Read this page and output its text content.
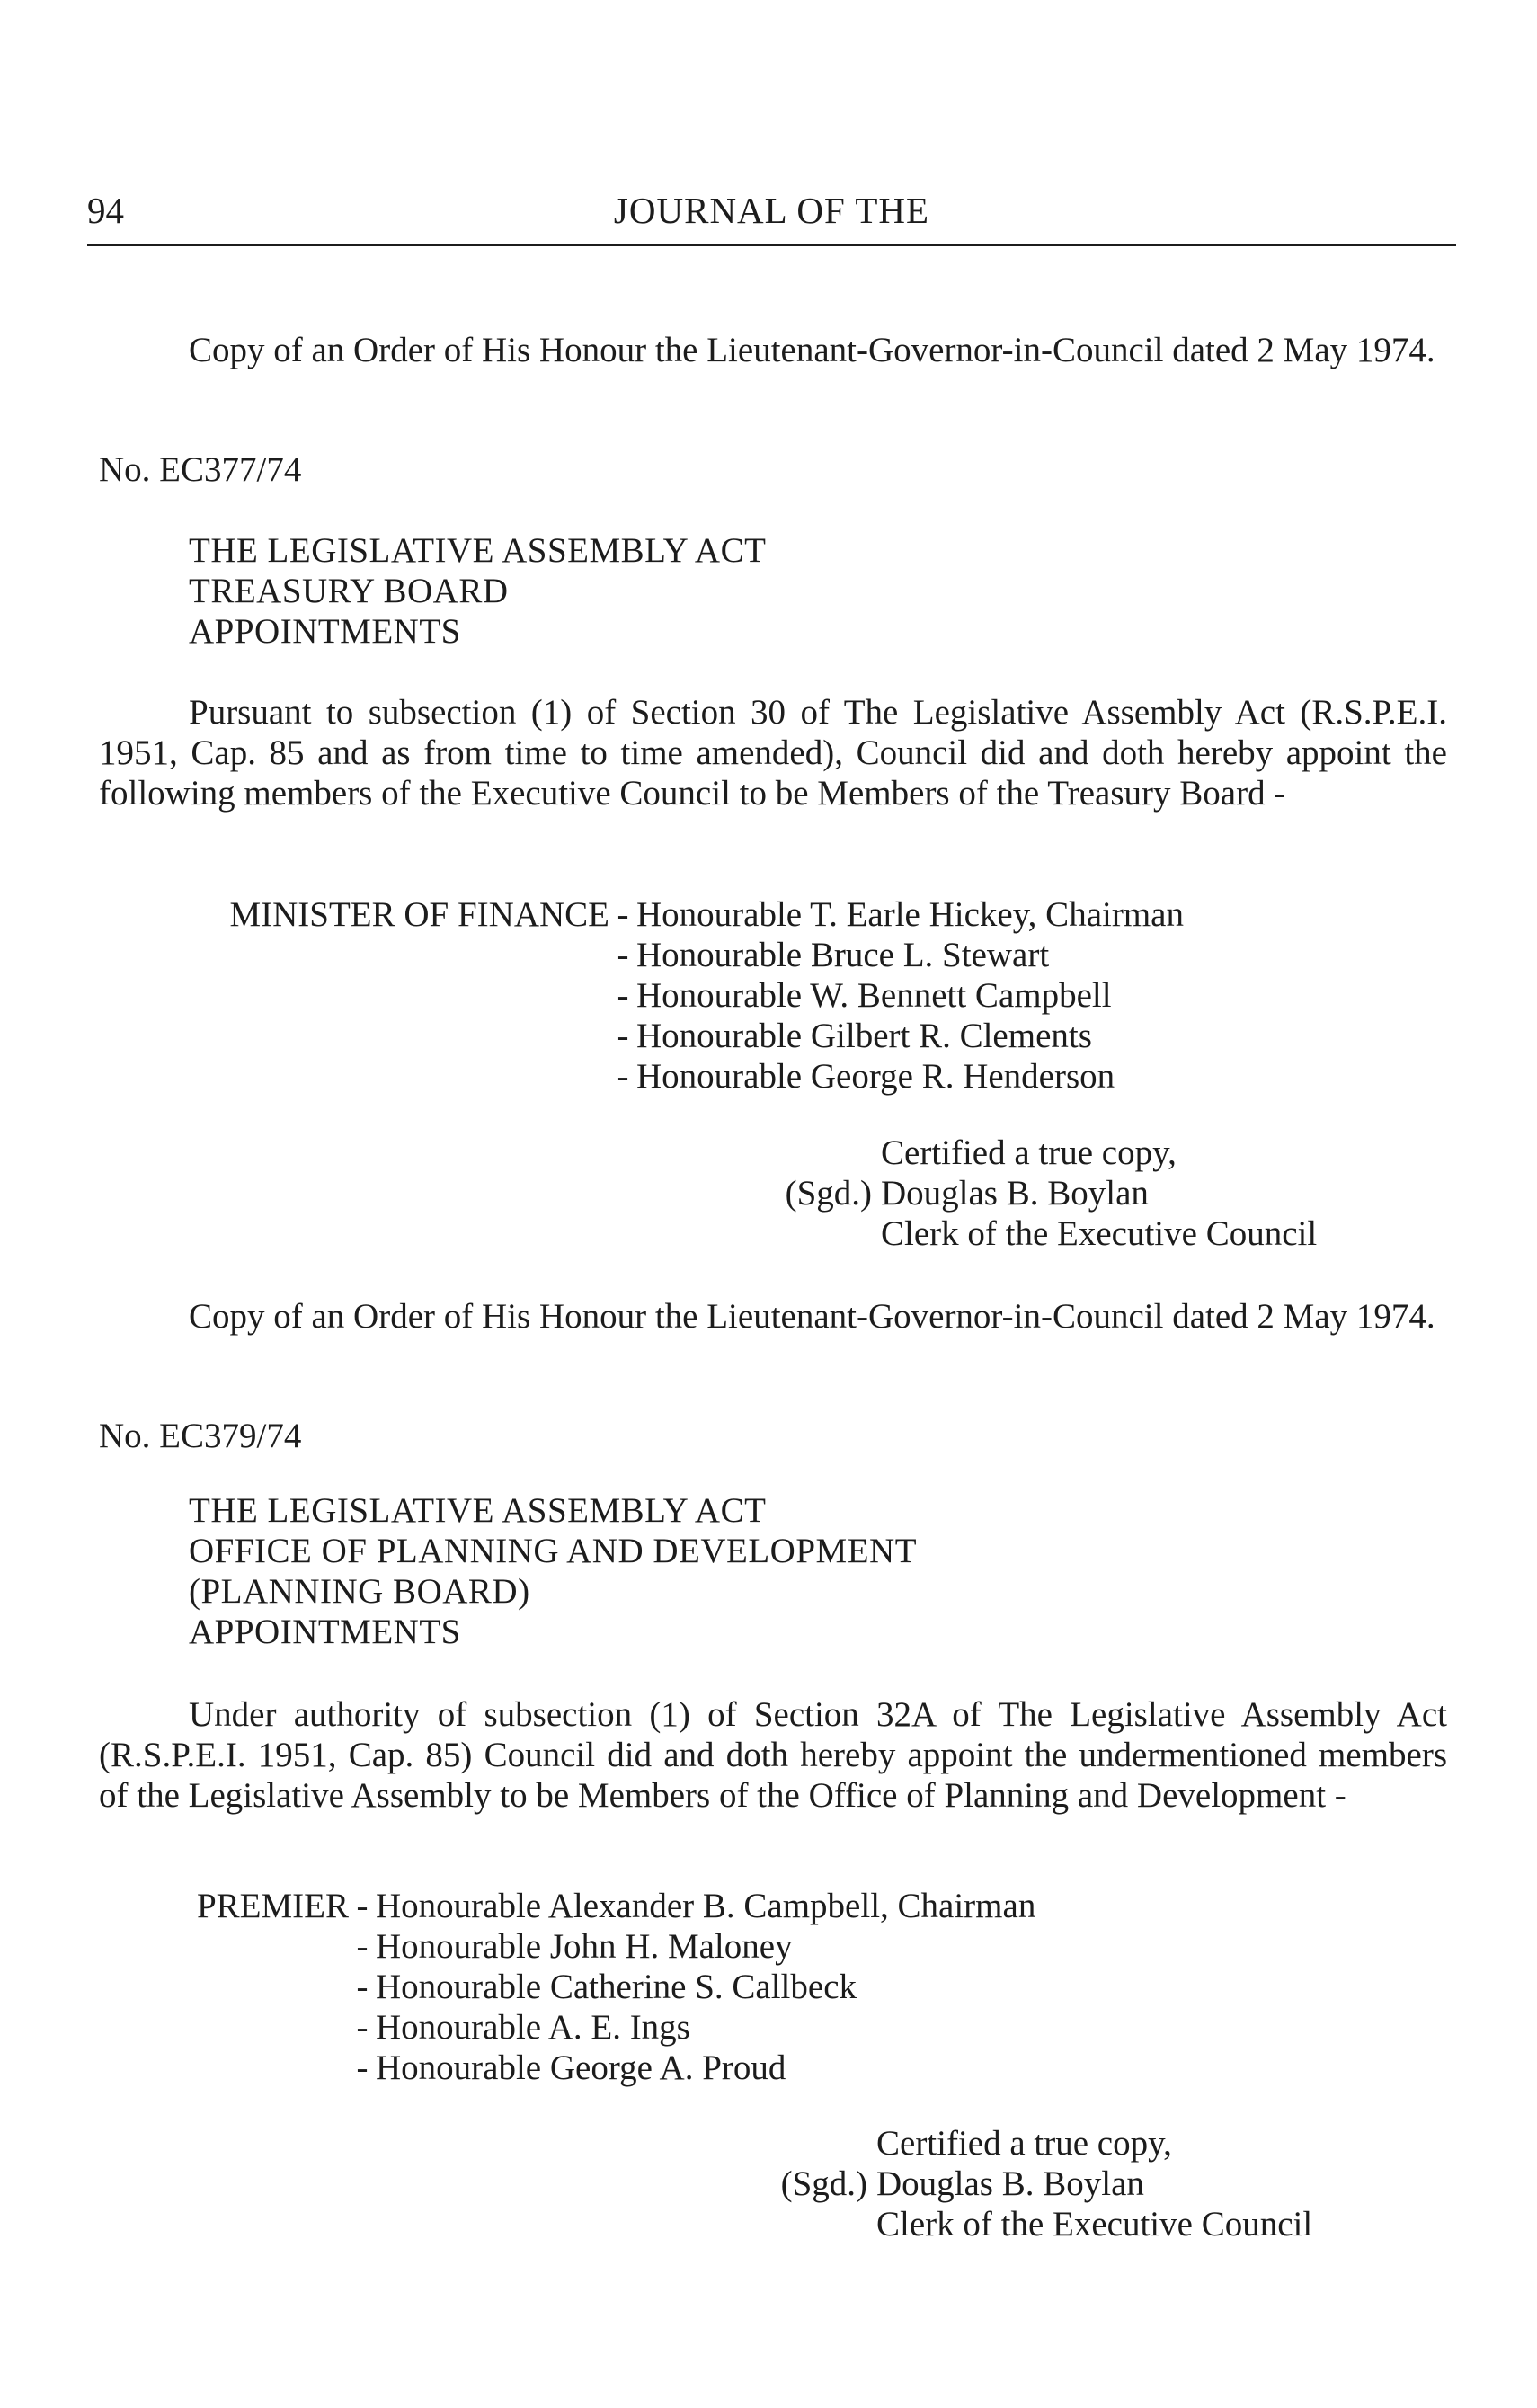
94	JOURNAL OF THE
Copy of an Order of His Honour the Lieutenant-Governor-in-Council dated 2 May 1974.
No. EC377/74
THE LEGISLATIVE ASSEMBLY ACT
TREASURY BOARD
APPOINTMENTS
Pursuant to subsection (1) of Section 30 of The Legislative Assembly Act (R.S.P.E.I. 1951, Cap. 85 and as from time to time amended), Council did and doth hereby appoint the following members of the Executive Council to be Members of the Treasury Board -
MINISTER OF FINANCE - Honourable T. Earle Hickey, Chairman
- Honourable Bruce L. Stewart
- Honourable W. Bennett Campbell
- Honourable Gilbert R. Clements
- Honourable George R. Henderson
Certified a true copy,
(Sgd.) Douglas B. Boylan
Clerk of the Executive Council
Copy of an Order of His Honour the Lieutenant-Governor-in-Council dated 2 May 1974.
No. EC379/74
THE LEGISLATIVE ASSEMBLY ACT
OFFICE OF PLANNING AND DEVELOPMENT
(PLANNING BOARD)
APPOINTMENTS
Under authority of subsection (1) of Section 32A of The Legislative Assembly Act (R.S.P.E.I. 1951, Cap. 85) Council did and doth hereby appoint the undermentioned members of the Legislative Assembly to be Members of the Office of Planning and Development -
PREMIER - Honourable Alexander B. Campbell, Chairman
- Honourable John H. Maloney
- Honourable Catherine S. Callbeck
- Honourable A. E. Ings
- Honourable George A. Proud
Certified a true copy,
(Sgd.) Douglas B. Boylan
Clerk of the Executive Council
